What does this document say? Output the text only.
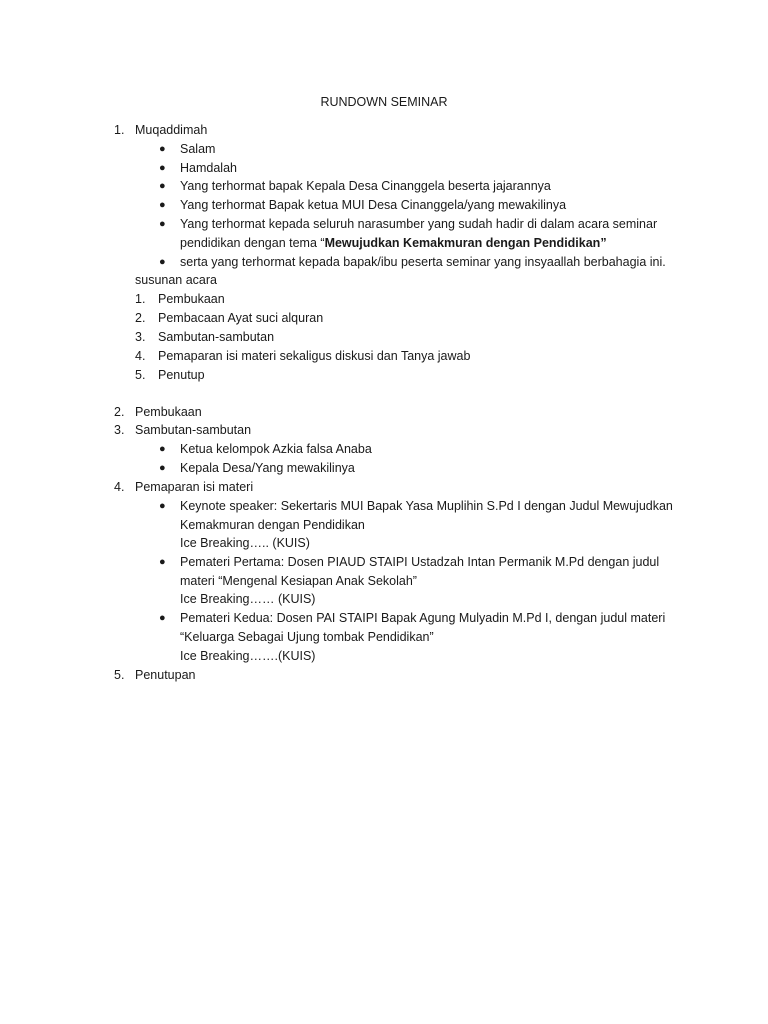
RUNDOWN SEMINAR
1. Muqaddimah
● Salam
● Hamdalah
● Yang terhormat bapak Kepala Desa Cinanggela beserta jajarannya
● Yang terhormat Bapak ketua MUI Desa Cinanggela/yang mewakilinya
● Yang terhormat kepada seluruh narasumber yang sudah hadir di dalam acara seminar
pendidikan dengan tema “Mewujudkan Kemakmuran dengan Pendidikan”
● serta yang terhormat kepada bapak/ibu peserta seminar yang insyaallah berbahagia ini.
susunan acara
1. Pembukaan
2. Pembacaan Ayat suci alquran
3. Sambutan-sambutan
4. Pemaparan isi materi sekaligus diskusi dan Tanya jawab
5. Penutup
2. Pembukaan
3. Sambutan-sambutan
● Ketua kelompok Azkia falsa Anaba
● Kepala Desa/Yang mewakilinya
4. Pemaparan isi materi
● Keynote speaker: Sekertaris MUI Bapak Yasa Muplihin S.Pd I dengan Judul Mewujudkan
Kemakmuran dengan Pendidikan
Ice Breaking….. (KUIS)
● Pemateri Pertama: Dosen PIAUD STAIPI Ustadzah Intan Permanik M.Pd dengan judul
materi “Mengenal Kesiapan Anak Sekolah”
Ice Breaking…… (KUIS)
● Pemateri Kedua: Dosen PAI STAIPI Bapak Agung Mulyadin M.Pd I, dengan judul materi
“Keluarga Sebagai Ujung tombak Pendidikan”
Ice Breaking…….(KUIS)
5. Penutupan
